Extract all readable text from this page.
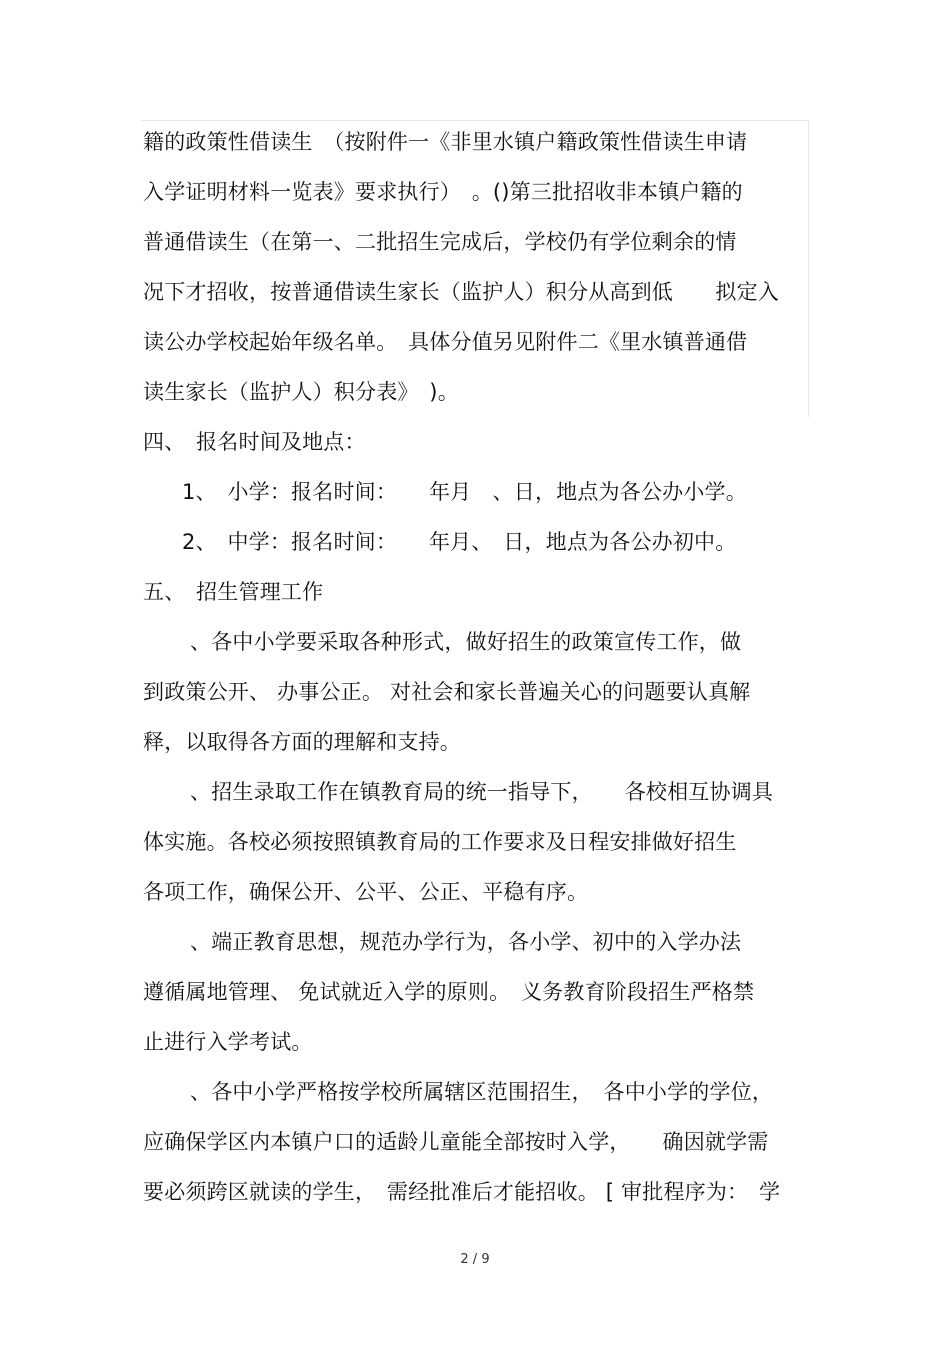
籍的政策性借读生　（按附件一《非里水镇户籍政策性借读生申请
入学证明材料一览表》要求执行）　。()第三批招收非本镇户籍的
普通借读生（在第一、二批招生完成后，学校仍有学位剩余的情
况下才招收，按普通借读生家长（监护人）积分从高到低　　拟定入
读公办学校起始年级名单。　具体分值另见附件二《里水镇普通借
读生家长（监护人）积分表》　)。
四、　报名时间及地点：
1、　小学：报名时间：　　年月　、日，地点为各公办小学。
2、　中学：报名时间：　　年月、　日，地点为各公办初中。
五、　招生管理工作
、各中小学要采取各种形式，做好招生的政策宣传工作，做
到政策公开、 办事公正。 对社会和家长普遍关心的问题要认真解
释，以取得各方面的理解和支持。
、招生录取工作在镇教育局的统一指导下，　　各校相互协调具
体实施。各校必须按照镇教育局的工作要求及日程安排做好招生
各项工作，确保公开、公平、公正、平稳有序。
、端正教育思想，规范办学行为，各小学、初中的入学办法
遵循属地管理、 免试就近入学的原则。　义务教育阶段招生严格禁
止进行入学考试。
、各中小学严格按学校所属辖区范围招生，　各中小学的学位，
应确保学区内本镇户口的适龄儿童能全部按时入学，　　确因就学需
要必须跨区就读的学生，　需经批准后才能招收。 [ 审批程序为：　学
2 / 9
